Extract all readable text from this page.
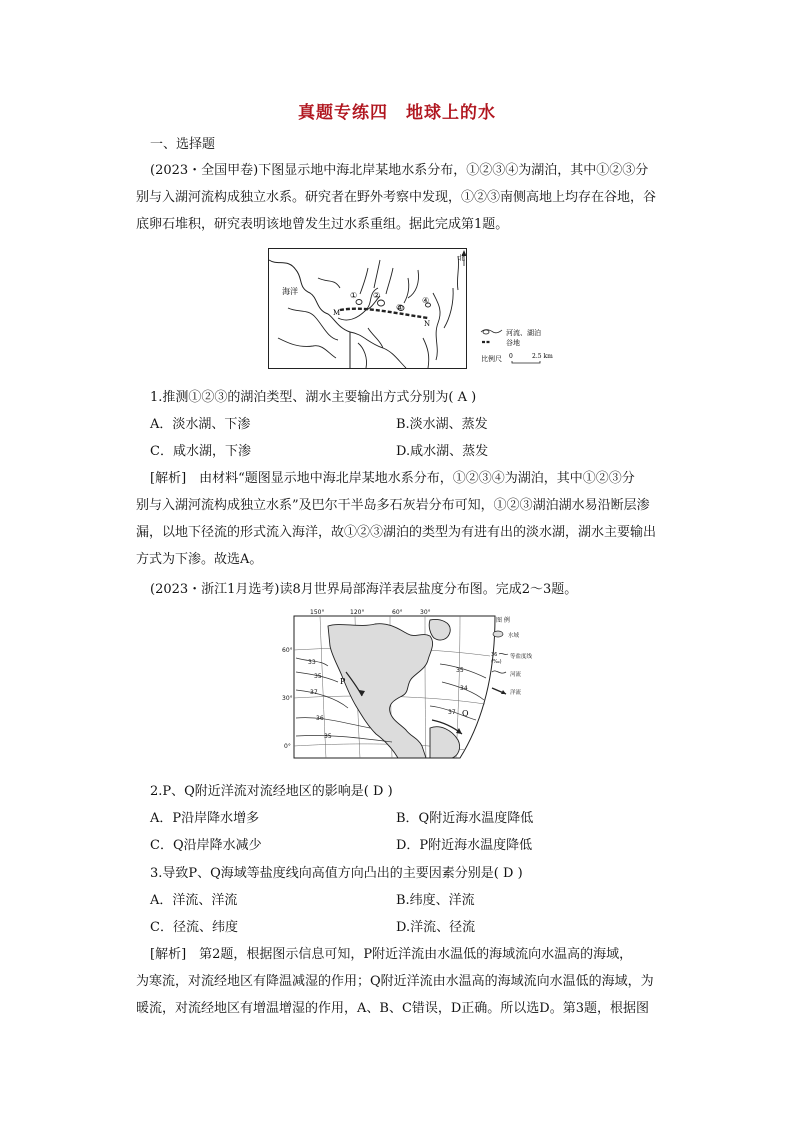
真题专练四　地球上的水
一、选择题
(2023・全国甲卷)下图显示地中海北岸某地水系分布，①②③④为湖泊，其中①②③分
别与入湖河流构成独立水系。研究者在野外考察中发现，①②③南侧高地上均存在谷地，谷
底卵石堆积，研究表明该地曾发生过水系重组。据此完成第1题。
海洋	① ②
③
④
M
N
北
河流、湖泊
谷地
比例尺 0	2.5 km
1.推测①②③的湖泊类型、湖水主要输出方式分别为( A )
A．淡水湖、下渗	B.淡水湖、蒸发
C．咸水湖，下渗	D.咸水湖、蒸发
[解析]　由材料“题图显示地中海北岸某地水系分布，①②③④为湖泊，其中①②③分
别与入湖河流构成独立水系”及巴尔干半岛多石灰岩分布可知，①②③湖泊湖水易沿断层渗
漏，以地下径流的形式流入海洋，故①②③湖泊的类型为有进有出的淡水湖，湖水主要输出
方式为下渗。故选A。
(2023・浙江1月选考)读8月世界局部海洋表层盐度分布图。完成2～3题。
150°	120°	60°	30°
60°
30°
0°
33
35
37
36
35
35
34
37
P
Q
图 例
水域
36
(‰)
等盐度线
河流
洋流
2.P、Q附近洋流对流经地区的影响是( D )
A．P沿岸降水增多	B．Q附近海水温度降低
C．Q沿岸降水减少	D．P附近海水温度降低
3.导致P、Q海域等盐度线向高值方向凸出的主要因素分别是( D )
A．洋流、洋流	B.纬度、洋流
C．径流、纬度	D.洋流、径流
[解析]　第2题，根据图示信息可知，P附近洋流由水温低的海域流向水温高的海域，
为寒流，对流经地区有降温减湿的作用；Q附近洋流由水温高的海域流向水温低的海域，为
暖流，对流经地区有增温增湿的作用，A、B、C错误，D正确。所以选D。第3题，根据图
